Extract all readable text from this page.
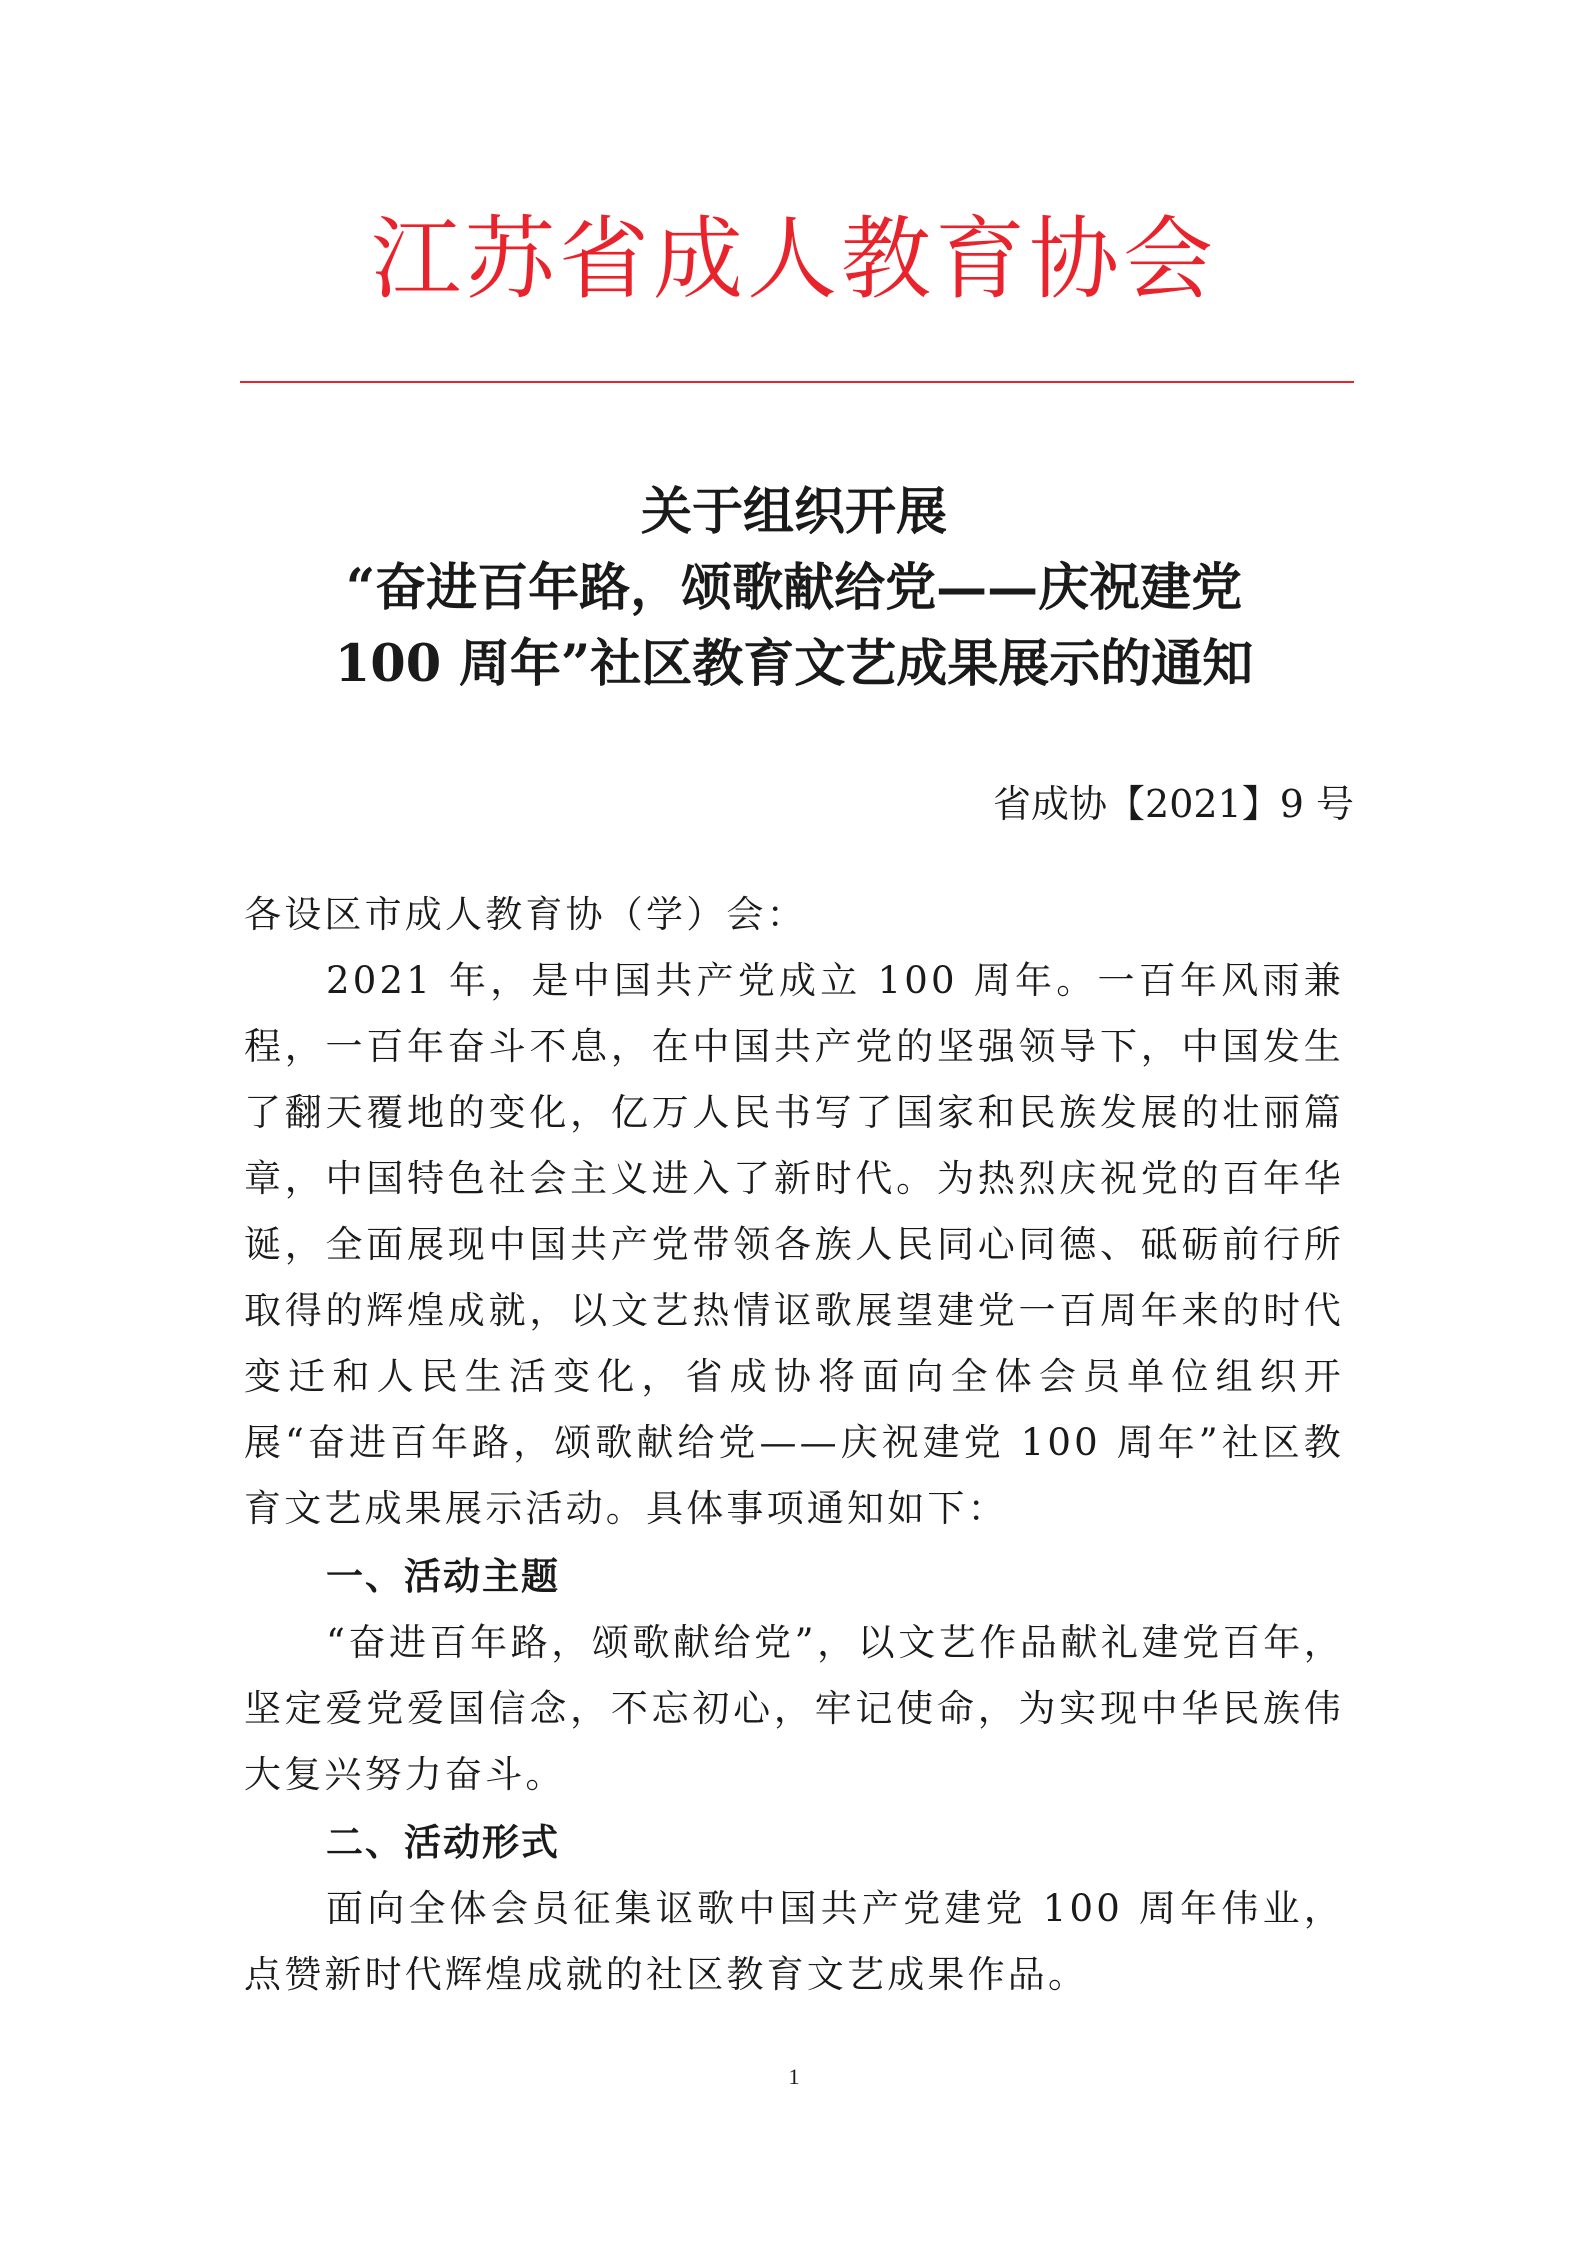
江苏省成人教育协会
关于组织开展
“奋进百年路，颂歌献给党——庆祝建党
100 周年”社区教育文艺成果展示的通知
省成协【2021】9 号

各设区市成人教育协（学）会：

2021 年，是中国共产党成立 100 周年。一百年风雨兼程，一百年奋斗不息，在中国共产党的坚强领导下，中国发生了翻天覆地的变化，亿万人民书写了国家和民族发展的壮丽篇章，中国特色社会主义进入了新时代。为热烈庆祝党的百年华诞，全面展现中国共产党带领各族人民同心同德、砥砺前行所取得的辉煌成就，以文艺热情讴歌展望建党一百周年来的时代变迁和人民生活变化，省成协将面向全体会员单位组织开展“奋进百年路，颂歌献给党——庆祝建党 100 周年”社区教育文艺成果展示活动。具体事项通知如下：

一、活动主题

“奋进百年路，颂歌献给党”，以文艺作品献礼建党百年，坚定爱党爱国信念，不忘初心，牢记使命，为实现中华民族伟大复兴努力奋斗。

二、活动形式

面向全体会员征集讴歌中国共产党建党 100 周年伟业，点赞新时代辉煌成就的社区教育文艺成果作品。

1
